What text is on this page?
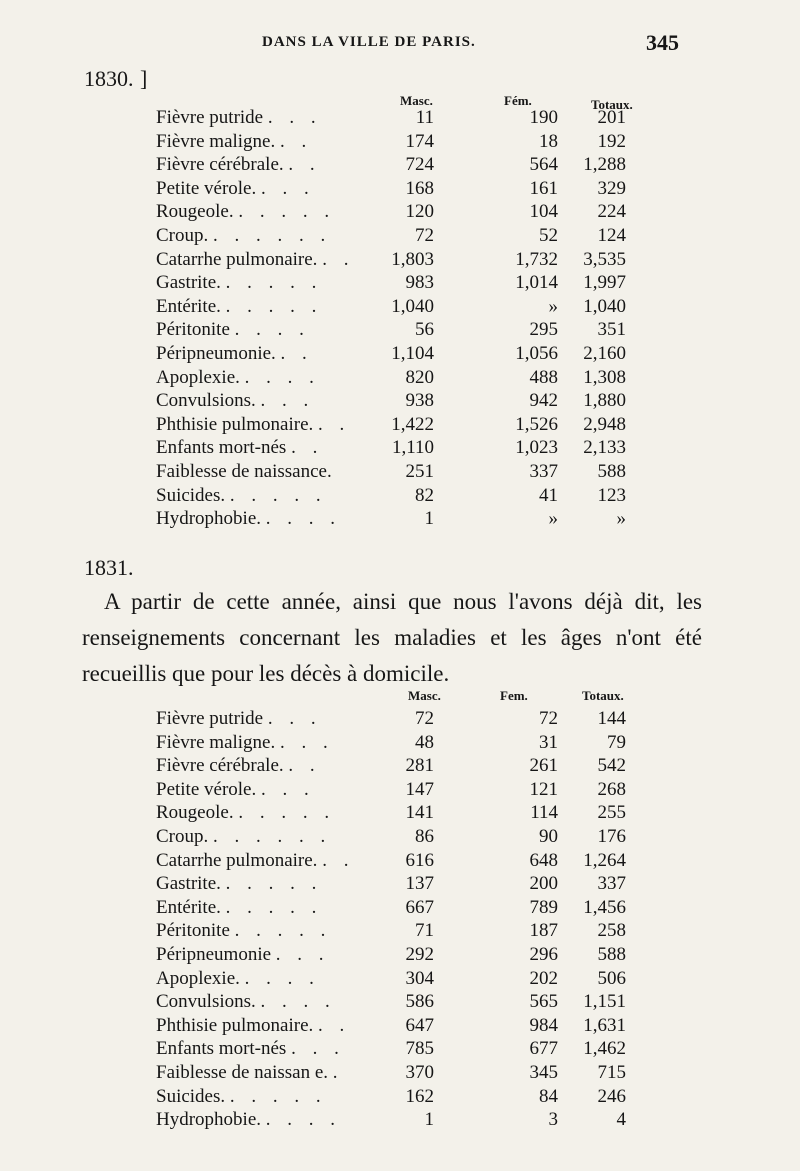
DANS LA VILLE DE PARIS.	345
1830. ]
Masc.	Fém.	Totaux.
Fièvre putride . . .	11	190	201
Fièvre maligne. . .	174	18	192
Fièvre cérébrale. . .	724	564	1,288
Petite vérole. . . .	168	161	329
Rougeole. . . . . .	120	104	224
Croup. . . . . . .	72	52	124
Catarrhe pulmonaire. . .	1,803	1,732	3,535
Gastrite. . . . . .	983	1,014	1,997
Entérite. . . . . .	1,040	»	1,040
Péritonite . . . .	56	295	351
Péripneumonie. . .	1,104	1,056	2,160
Apoplexie. . . . .	820	488	1,308
Convulsions. . . .	938	942	1,880
Phthisie pulmonaire. . .	1,422	1,526	2,948
Enfants mort-nés . .	1,110	1,023	2,133
Faiblesse de naissance.	251	337	588
Suicides. . . . . .	82	41	123
Hydrophobie. . . . .	1	»	»
1831.
A partir de cette année, ainsi que nous l'avons déjà dit, les renseignements concernant les maladies et les âges n'ont été recueillis que pour les décès à domicile.
Masc.	Fem.	Totaux.
Fièvre putride . . .	72	72	144
Fièvre maligne. . . .	48	31	79
Fièvre cérébrale. . .	281	261	542
Petite vérole. . . .	147	121	268
Rougeole. . . . . .	141	114	255
Croup. . . . . . .	86	90	176
Catarrhe pulmonaire. . .	616	648	1,264
Gastrite. . . . . .	137	200	337
Entérite. . . . . .	667	789	1,456
Péritonite . . . . .	71	187	258
Péripneumonie . . .	292	296	588
Apoplexie. . . . .	304	202	506
Convulsions. . . . .	586	565	1,151
Phthisie pulmonaire. . .	647	984	1,631
Enfants mort-nés . . .	785	677	1,462
Faiblesse de naissan e. .	370	345	715
Suicides. . . . . .	162	84	246
Hydrophobie. . . . .	1	3	4
